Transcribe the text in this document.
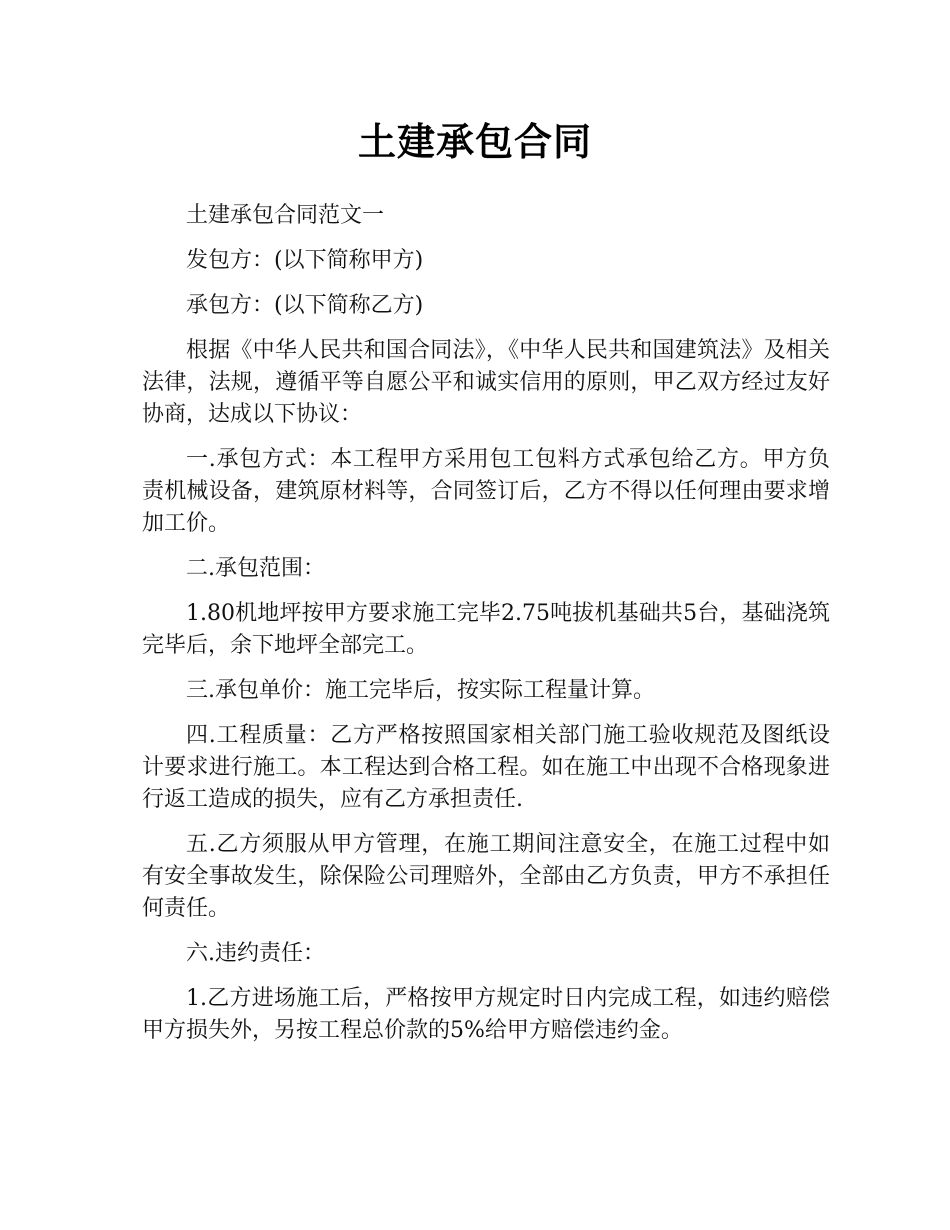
土建承包合同

土建承包合同范文一

发包方：(以下简称甲方)

承包方：(以下简称乙方)

根据《中华人民共和国合同法》，《中华人民共和国建筑法》及相关法律，法规，遵循平等自愿公平和诚实信用的原则，甲乙双方经过友好协商，达成以下协议：

一.承包方式：本工程甲方采用包工包料方式承包给乙方。甲方负责机械设备，建筑原材料等，合同签订后，乙方不得以任何理由要求增加工价。

二.承包范围：

1.80机地坪按甲方要求施工完毕2.75吨拔机基础共5台，基础浇筑完毕后，余下地坪全部完工。

三.承包单价：施工完毕后，按实际工程量计算。

四.工程质量：乙方严格按照国家相关部门施工验收规范及图纸设计要求进行施工。本工程达到合格工程。如在施工中出现不合格现象进行返工造成的损失，应有乙方承担责任.

五.乙方须服从甲方管理，在施工期间注意安全，在施工过程中如有安全事故发生，除保险公司理赔外，全部由乙方负责，甲方不承担任何责任。

六.违约责任：

1.乙方进场施工后，严格按甲方规定时日内完成工程，如违约赔偿甲方损失外，另按工程总价款的5%给甲方赔偿违约金。
